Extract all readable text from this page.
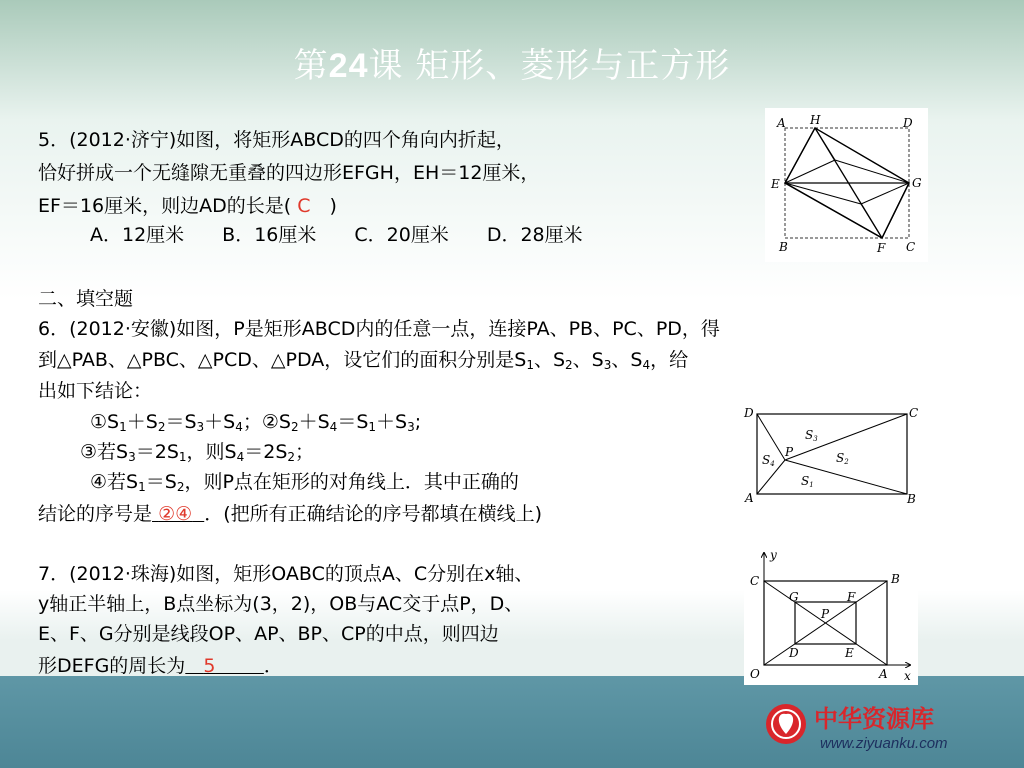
第24课 矩形、菱形与正方形
5．(2012·济宁)如图，将矩形ABCD的四个角向内折起，
恰好拼成一个无缝隙无重叠的四边形EFGH，EH＝12厘米，
EF＝16厘米，则边AD的长是( C　 )
A．12厘米　　B．16厘米　　C．20厘米　　D．28厘米
二、填空题
6．(2012·安徽)如图，P是矩形ABCD内的任意一点，连接PA、PB、PC、PD，得
到△PAB、△PBC、△PCD、△PDA，设它们的面积分别是$S_1$、$S_2$、$S_3$、$S_4$，给
出如下结论：
$①S_1+S_2=S_3+S_4$；$②S_2+S_4=S_1+S_3$;
③若$S_3=2S_1$，则$S_4=2S_2$；
④若$S_1=S_2$，则P点在矩形的对角线上．其中正确的
结论的序号是 ②④ ．(把所有正确结论的序号都填在横线上)
7．(2012·珠海)如图，矩形OABC的顶点A、C分别在x轴、
y轴正半轴上，B点坐标为(3，2)，OB与AC交于点P，D、
E、F、G分别是线段OP、AP、BP、CP的中点，则四边
形DEFG的周长为 5	．
A H	D
E	G
B	F C
D	C
A	B
P
S1
S2
S3
S4
x
y
O	A
B
C
D	E
F
G
P
中华资源库
www.ziyuanku.com
